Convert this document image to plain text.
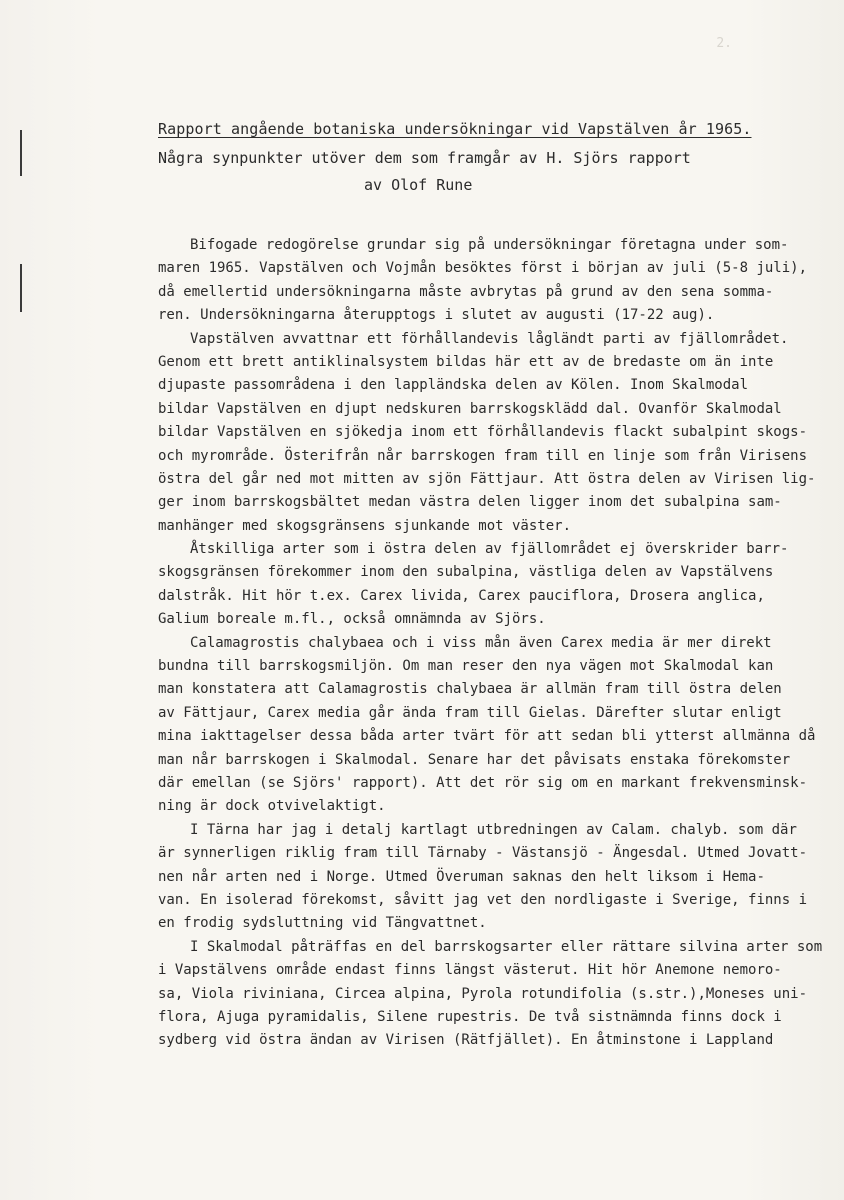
2.
Rapport angående botaniska undersökningar vid Vapstälven år 1965.
Några synpunkter utöver dem som framgår av H. Sjörs rapport
av Olof Rune
Bifogade redogörelse grundar sig på undersökningar företagna under som-
maren 1965. Vapstälven och Vojmån besöktes först i början av juli (5-8 juli),
då emellertid undersökningarna måste avbrytas på grund av den sena somma-
ren. Undersökningarna återupptogs i slutet av augusti (17-22 aug).
Vapstälven avvattnar ett förhållandevis lågländt parti av fjällområdet.
Genom ett brett antiklinalsystem bildas här ett av de bredaste om än inte
djupaste passområdena i den lappländska delen av Kölen. Inom Skalmodal
bildar Vapstälven en djupt nedskuren barrskogsklädd dal. Ovanför Skalmodal
bildar Vapstälven en sjökedja inom ett förhållandevis flackt subalpint skogs-
och myrområde. Österifrån når barrskogen fram till en linje som från Virisens
östra del går ned mot mitten av sjön Fättjaur. Att östra delen av Virisen lig-
ger inom barrskogsbältet medan västra delen ligger inom det subalpina sam-
manhänger med skogsgränsens sjunkande mot väster.
Åtskilliga arter som i östra delen av fjällområdet ej överskrider barr-
skogsgränsen förekommer inom den subalpina, västliga delen av Vapstälvens
dalstråk. Hit hör t.ex. Carex livida, Carex pauciflora, Drosera anglica,
Galium boreale m.fl., också omnämnda av Sjörs.
Calamagrostis chalybaea och i viss mån även Carex media är mer direkt
bundna till barrskogsmiljön. Om man reser den nya vägen mot Skalmodal kan
man konstatera att Calamagrostis chalybaea är allmän fram till östra delen
av Fättjaur, Carex media går ända fram till Gielas. Därefter slutar enligt
mina iakttagelser dessa båda arter tvärt för att sedan bli ytterst allmänna då
man når barrskogen i Skalmodal. Senare har det påvisats enstaka förekomster
där emellan (se Sjörs' rapport). Att det rör sig om en markant frekvensminsk-
ning är dock otvivelaktigt.
I Tärna har jag i detalj kartlagt utbredningen av Calam. chalyb. som där
är synnerligen riklig fram till Tärnaby - Västansjö - Ängesdal. Utmed Jovatt-
nen når arten ned i Norge. Utmed Överuman saknas den helt liksom i Hema-
van. En isolerad förekomst, såvitt jag vet den nordligaste i Sverige, finns i
en frodig sydsluttning vid Tängvattnet.
I Skalmodal påträffas en del barrskogsarter eller rättare silvina arter som
i Vapstälvens område endast finns längst västerut. Hit hör Anemone nemoro-
sa, Viola riviniana, Circea alpina, Pyrola rotundifolia (s.str.),Moneses uni-
flora, Ajuga pyramidalis, Silene rupestris. De två sistnämnda finns dock i
sydberg vid östra ändan av Virisen (Rätfjället). En åtminstone i Lappland
